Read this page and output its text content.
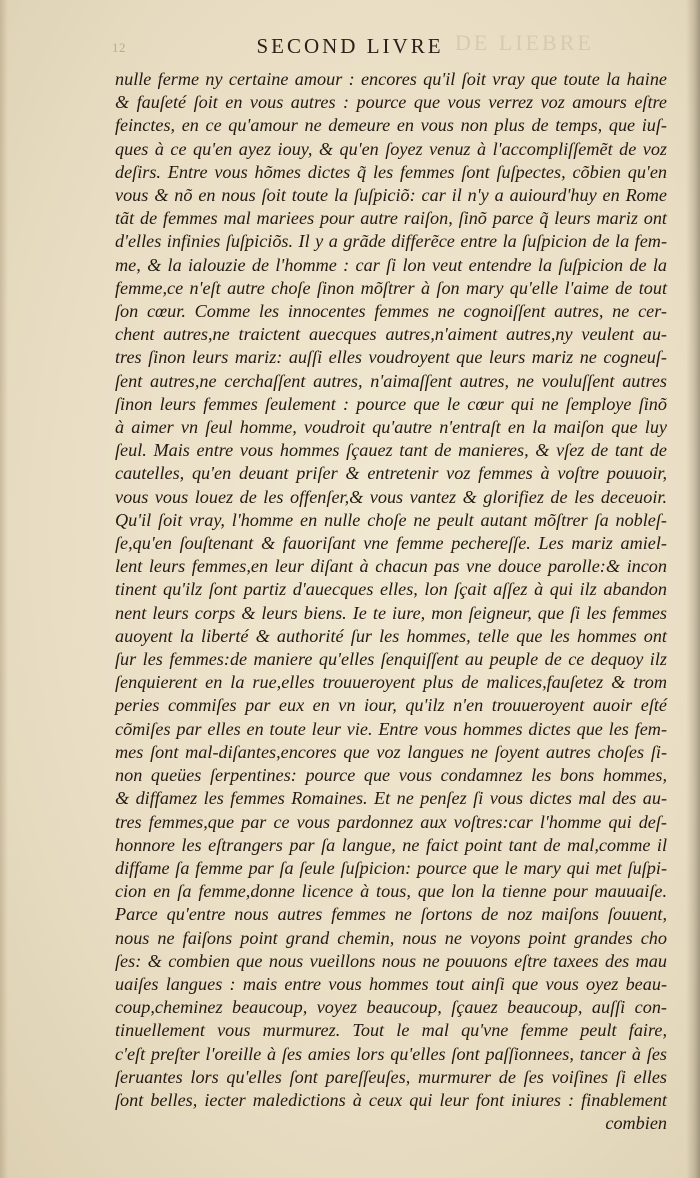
12	DE LIEBRE
SECOND LIVRE
nulle ferme ny certaine amour : encores qu'il ſoit vray que toute la haine
& fauſeté ſoit en vous autres : pource que vous verrez voz amours eſtre
feinctes, en ce qu'amour ne demeure en vous non plus de temps, que iuſ-
ques à ce qu'en ayez iouy, & qu'en ſoyez venuz à l'accompliſſemẽt de voz
deſirs. Entre vous hõmes dictes q̃ les femmes ſont ſuſpectes, cõbien qu'en
vous & nõ en nous ſoit toute la ſuſpiciõ: car il n'y a auiourd'huy en Rome
tãt de femmes mal mariees pour autre raiſon, ſinõ parce q̃ leurs mariz ont
d'elles infinies ſuſpiciõs. Il y a grãde differẽce entre la ſuſpicion de la fem-
me, & la ialouzie de l'homme : car ſi lon veut entendre la ſuſpicion de la
femme,ce n'eſt autre choſe ſinon mõſtrer à ſon mary qu'elle l'aime de tout
ſon cœur. Comme les innocentes femmes ne cognoiſſent autres, ne cer-
chent autres,ne traictent auecques autres,n'aiment autres,ny veulent au-
tres ſinon leurs mariz: auſſi elles voudroyent que leurs mariz ne cogneuſ-
ſent autres,ne cerchaſſent autres, n'aimaſſent autres, ne vouluſſent autres
ſinon leurs femmes ſeulement : pource que le cœur qui ne ſemploye ſinõ
à aimer vn ſeul homme, voudroit qu'autre n'entraſt en la maiſon que luy
ſeul. Mais entre vous hommes ſçauez tant de manieres, & vſez de tant de
cautelles, qu'en deuant priſer & entretenir voz femmes à voſtre pouuoir,
vous vous louez de les offenſer,& vous vantez & glorifiez de les deceuoir.
Qu'il ſoit vray, l'homme en nulle choſe ne peult autant mõſtrer ſa nobleſ-
ſe,qu'en ſouſtenant & fauoriſant vne femme pechereſſe. Les mariz amiel-
lent leurs femmes,en leur diſant à chacun pas vne douce parolle:& incon
tinent qu'ilz ſont partiz d'auecques elles, lon ſçait aſſez à qui ilz abandon
nent leurs corps & leurs biens. Ie te iure, mon ſeigneur, que ſi les femmes
auoyent la liberté & authorité ſur les hommes, telle que les hommes ont
ſur les femmes:de maniere qu'elles ſenquiſſent au peuple de ce dequoy ilz
ſenquierent en la rue,elles trouueroyent plus de malices,fauſetez & trom
peries commiſes par eux en vn iour, qu'ilz n'en trouueroyent auoir eſté
cõmiſes par elles en toute leur vie. Entre vous hommes dictes que les fem-
mes ſont mal-diſantes,encores que voz langues ne ſoyent autres choſes ſi-
non queües ſerpentines: pource que vous condamnez les bons hommes,
& diffamez les femmes Romaines. Et ne penſez ſi vous dictes mal des au-
tres femmes,que par ce vous pardonnez aux voſtres:car l'homme qui deſ-
honnore les eſtrangers par ſa langue, ne faict point tant de mal,comme il
diffame ſa femme par ſa ſeule ſuſpicion: pource que le mary qui met ſuſpi-
cion en ſa femme,donne licence à tous, que lon la tienne pour mauuaiſe.
Parce qu'entre nous autres femmes ne ſortons de noz maiſons ſouuent,
nous ne faiſons point grand chemin, nous ne voyons point grandes cho
ſes: & combien que nous vueillons nous ne pouuons eſtre taxees des mau
uaiſes langues : mais entre vous hommes tout ainſi que vous oyez beau-
coup,cheminez beaucoup, voyez beaucoup, ſçauez beaucoup, auſſi con-
tinuellement vous murmurez. Tout le mal qu'vne femme peult faire,
c'eſt preſter l'oreille à ſes amies lors qu'elles ſont paſſionnees, tancer à ſes
ſeruantes lors qu'elles ſont pareſſeuſes, murmurer de ſes voiſines ſi elles
ſont belles, iecter maledictions à ceux qui leur font iniures : finablement
combien
